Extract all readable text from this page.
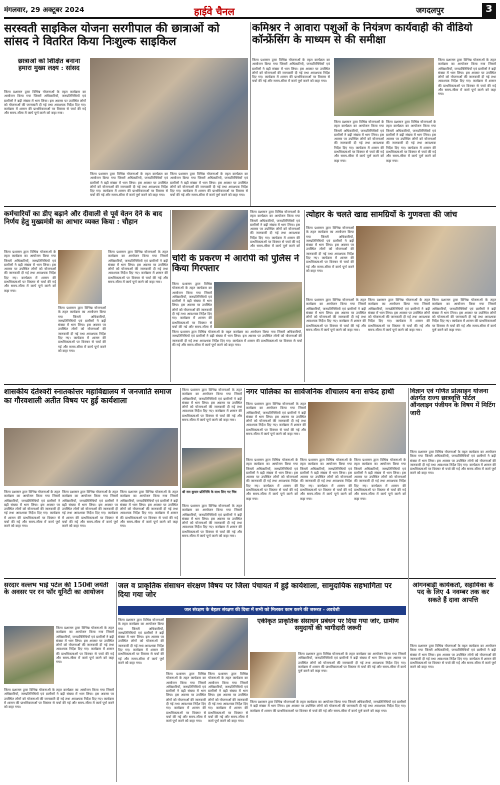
मंगलवार, 29 अक्टूबर 2024	हाईवे चैनल	जगदलपुर	3
सरस्वती साइकिल योजना सरगीपाल की छात्राओं को सांसद ने वितरित किया निःशुल्क साइकिल
छात्राओं को शिक्षित बनाना हमारा मुख्य लक्ष्य : सांसद
जिला प्रशासन द्वारा विभिन्न योजनाओं के तहत कार्यक्रम का आयोजन किया गया जिसमें अधिकारियों, जनप्रतिनिधियों एवं ग्रामीणों ने बड़ी संख्या में भाग लिया। इस अवसर पर उपस्थित लोगों को योजनाओं की जानकारी दी गई तथा आवश्यक निर्देश दिए गए। कार्यक्रम में शासन की प्राथमिकताओं पर विस्तार से चर्चा की गई और समय-सीमा में कार्य पूर्ण करने को कहा गया।
जिला प्रशासन द्वारा विभिन्न योजनाओं के तहत कार्यक्रम का आयोजन किया गया जिसमें अधिकारियों, जनप्रतिनिधियों एवं ग्रामीणों ने बड़ी संख्या में भाग लिया। इस अवसर पर उपस्थित लोगों को योजनाओं की जानकारी दी गई तथा आवश्यक निर्देश दिए गए। कार्यक्रम में शासन की प्राथमिकताओं पर विस्तार से चर्चा की गई और समय-सीमा में कार्य पूर्ण करने को कहा गया।
जिला प्रशासन द्वारा विभिन्न योजनाओं के तहत कार्यक्रम का आयोजन किया गया जिसमें अधिकारियों, जनप्रतिनिधियों एवं ग्रामीणों ने बड़ी संख्या में भाग लिया। इस अवसर पर उपस्थित लोगों को योजनाओं की जानकारी दी गई तथा आवश्यक निर्देश दिए गए। कार्यक्रम में शासन की प्राथमिकताओं पर विस्तार से चर्चा की गई और समय-सीमा में कार्य पूर्ण करने को कहा गया।
कमिश्नर ने आवारा पशुओं के नियंत्रण कार्यवाही की वीडियो कॉन्फ्रेंसिंग के माध्यम से की समीक्षा
जिला प्रशासन द्वारा विभिन्न योजनाओं के तहत कार्यक्रम का आयोजन किया गया जिसमें अधिकारियों, जनप्रतिनिधियों एवं ग्रामीणों ने बड़ी संख्या में भाग लिया। इस अवसर पर उपस्थित लोगों को योजनाओं की जानकारी दी गई तथा आवश्यक निर्देश दिए गए। कार्यक्रम में शासन की प्राथमिकताओं पर विस्तार से चर्चा की गई और समय-सीमा में कार्य पूर्ण करने को कहा गया।
जिला प्रशासन द्वारा विभिन्न योजनाओं के तहत कार्यक्रम का आयोजन किया गया जिसमें अधिकारियों, जनप्रतिनिधियों एवं ग्रामीणों ने बड़ी संख्या में भाग लिया। इस अवसर पर उपस्थित लोगों को योजनाओं की जानकारी दी गई तथा आवश्यक निर्देश दिए गए। कार्यक्रम में शासन की प्राथमिकताओं पर विस्तार से चर्चा की गई और समय-सीमा में कार्य पूर्ण करने को कहा गया।
जिला प्रशासन द्वारा विभिन्न योजनाओं के तहत कार्यक्रम का आयोजन किया गया जिसमें अधिकारियों, जनप्रतिनिधियों एवं ग्रामीणों ने बड़ी संख्या में भाग लिया। इस अवसर पर उपस्थित लोगों को योजनाओं की जानकारी दी गई तथा आवश्यक निर्देश दिए गए। कार्यक्रम में शासन की प्राथमिकताओं पर विस्तार से चर्चा की गई और समय-सीमा में कार्य पूर्ण करने को कहा गया।
जिला प्रशासन द्वारा विभिन्न योजनाओं के तहत कार्यक्रम का आयोजन किया गया जिसमें अधिकारियों, जनप्रतिनिधियों एवं ग्रामीणों ने बड़ी संख्या में भाग लिया। इस अवसर पर उपस्थित लोगों को योजनाओं की जानकारी दी गई तथा आवश्यक निर्देश दिए गए। कार्यक्रम में शासन की प्राथमिकताओं पर विस्तार से चर्चा की गई और समय-सीमा में कार्य पूर्ण करने को कहा गया।
कर्मचारियों का डीए बढ़ाने और दीवाली से पूर्व वेतन देने के बाद निर्णय हेतु मुख्यमंत्री का आभार व्यक्त किया : चौहान
जिला प्रशासन द्वारा विभिन्न योजनाओं के तहत कार्यक्रम का आयोजन किया गया जिसमें अधिकारियों, जनप्रतिनिधियों एवं ग्रामीणों ने बड़ी संख्या में भाग लिया। इस अवसर पर उपस्थित लोगों को योजनाओं की जानकारी दी गई तथा आवश्यक निर्देश दिए गए। कार्यक्रम में शासन की प्राथमिकताओं पर विस्तार से चर्चा की गई और समय-सीमा में कार्य पूर्ण करने को कहा गया।
जिला प्रशासन द्वारा विभिन्न योजनाओं के तहत कार्यक्रम का आयोजन किया गया जिसमें अधिकारियों, जनप्रतिनिधियों एवं ग्रामीणों ने बड़ी संख्या में भाग लिया। इस अवसर पर उपस्थित लोगों को योजनाओं की जानकारी दी गई तथा आवश्यक निर्देश दिए गए। कार्यक्रम में शासन की प्राथमिकताओं पर विस्तार से चर्चा की गई और समय-सीमा में कार्य पूर्ण करने को कहा गया।
जिला प्रशासन द्वारा विभिन्न योजनाओं के तहत कार्यक्रम का आयोजन किया गया जिसमें अधिकारियों, जनप्रतिनिधियों एवं ग्रामीणों ने बड़ी संख्या में भाग लिया। इस अवसर पर उपस्थित लोगों को योजनाओं की जानकारी दी गई तथा आवश्यक निर्देश दिए गए। कार्यक्रम में शासन की प्राथमिकताओं पर विस्तार से चर्चा की गई और समय-सीमा में कार्य पूर्ण करने को कहा गया।
जिला प्रशासन द्वारा विभिन्न योजनाओं के तहत कार्यक्रम का आयोजन किया गया जिसमें अधिकारियों, जनप्रतिनिधियों एवं ग्रामीणों ने बड़ी संख्या में भाग लिया। इस अवसर पर उपस्थित लोगों को योजनाओं की जानकारी दी गई तथा आवश्यक निर्देश दिए गए। कार्यक्रम में शासन की प्राथमिकताओं पर विस्तार से चर्चा की गई और समय-सीमा में कार्य पूर्ण करने को
चोरी के प्रकरण में आरोपी को पुलिस ने किया गिरफ्तार
जिला प्रशासन द्वारा विभिन्न योजनाओं के तहत कार्यक्रम का आयोजन किया गया जिसमें अधिकारियों, जनप्रतिनिधियों एवं ग्रामीणों ने बड़ी संख्या में भाग लिया। इस अवसर पर उपस्थित लोगों को योजनाओं की जानकारी दी गई तथा आवश्यक निर्देश दिए गए। कार्यक्रम में शासन की प्राथमिकताओं पर विस्तार से चर्चा की गई और समय-सीमा में
जिला प्रशासन द्वारा विभिन्न योजनाओं के तहत कार्यक्रम का आयोजन किया गया जिसमें अधिकारियों, जनप्रतिनिधियों एवं ग्रामीणों ने बड़ी संख्या में भाग लिया। इस अवसर पर उपस्थित लोगों को योजनाओं की जानकारी दी गई तथा आवश्यक निर्देश दिए गए। कार्यक्रम में शासन की प्राथमिकताओं पर विस्तार से चर्चा की गई और समय-सीमा में कार्य पूर्ण करने को कहा गया।
त्योहार के चलते खाद्य सामग्रियों के गुणवत्ता की जांच
जिला प्रशासन द्वारा विभिन्न योजनाओं के तहत कार्यक्रम का आयोजन किया गया जिसमें अधिकारियों, जनप्रतिनिधियों एवं ग्रामीणों ने बड़ी संख्या में भाग लिया। इस अवसर पर उपस्थित लोगों को योजनाओं की जानकारी दी गई तथा आवश्यक निर्देश दिए गए। कार्यक्रम में शासन की प्राथमिकताओं पर विस्तार से चर्चा की गई और समय-सीमा में कार्य पूर्ण करने को कहा गया।
जिला प्रशासन द्वारा विभिन्न योजनाओं के तहत कार्यक्रम का आयोजन किया गया जिसमें अधिकारियों, जनप्रतिनिधियों एवं ग्रामीणों ने बड़ी संख्या में भाग लिया। इस अवसर पर उपस्थित लोगों को योजनाओं की जानकारी दी गई तथा आवश्यक निर्देश दिए गए। कार्यक्रम में शासन की प्राथमिकताओं पर विस्तार से चर्चा की गई और समय-सीमा में कार्य पूर्ण करने को कहा गया।
जिला प्रशासन द्वारा विभिन्न योजनाओं के तहत कार्यक्रम का आयोजन किया गया जिसमें अधिकारियों, जनप्रतिनिधियों एवं ग्रामीणों ने बड़ी संख्या में भाग लिया। इस अवसर पर उपस्थित लोगों को योजनाओं की जानकारी दी गई तथा आवश्यक निर्देश दिए गए। कार्यक्रम में शासन की प्राथमिकताओं पर विस्तार से चर्चा की गई और समय-सीमा में कार्य पूर्ण करने को कहा गया।
जिला प्रशासन द्वारा विभिन्न योजनाओं के तहत कार्यक्रम का आयोजन किया गया जिसमें अधिकारियों, जनप्रतिनिधियों एवं ग्रामीणों ने बड़ी संख्या में भाग लिया। इस अवसर पर उपस्थित लोगों को योजनाओं की जानकारी दी गई तथा आवश्यक निर्देश दिए गए। कार्यक्रम में शासन की प्राथमिकताओं पर विस्तार से चर्चा की गई और समय-सीमा में कार्य पूर्ण करने को कहा गया।
शासकीय दंतेश्वरी स्नातकोत्तर महाविद्यालय में जनजाति समाज का गौरवशाली अतीत विषय पर हुई कार्यशाला
जिला प्रशासन द्वारा विभिन्न योजनाओं के तहत कार्यक्रम का आयोजन किया गया जिसमें अधिकारियों, जनप्रतिनिधियों एवं ग्रामीणों ने बड़ी संख्या में भाग लिया। इस अवसर पर उपस्थित लोगों को योजनाओं की जानकारी दी गई तथा आवश्यक निर्देश दिए गए। कार्यक्रम में शासन की प्राथमिकताओं पर विस्तार से चर्चा की गई और समय-सीमा में कार्य पूर्ण करने को कहा गया।
जिला प्रशासन द्वारा विभिन्न योजनाओं के तहत कार्यक्रम का आयोजन किया गया जिसमें अधिकारियों, जनप्रतिनिधियों एवं ग्रामीणों ने बड़ी संख्या में भाग लिया। इस अवसर पर उपस्थित लोगों को योजनाओं की जानकारी दी गई तथा आवश्यक निर्देश दिए गए। कार्यक्रम में शासन की प्राथमिकताओं पर विस्तार से चर्चा की गई और समय-सीमा में कार्य पूर्ण करने को कहा गया।
जिला प्रशासन द्वारा विभिन्न योजनाओं के तहत कार्यक्रम का आयोजन किया गया जिसमें अधिकारियों, जनप्रतिनिधियों एवं ग्रामीणों ने बड़ी संख्या में भाग लिया। इस अवसर पर उपस्थित लोगों को योजनाओं की जानकारी दी गई तथा आवश्यक निर्देश दिए गए। कार्यक्रम में शासन की प्राथमिकताओं पर विस्तार से चर्चा की गई और समय-सीमा में कार्य पूर्ण करने को कहा गया।
जिला प्रशासन द्वारा विभिन्न योजनाओं के तहत कार्यक्रम का आयोजन किया गया जिसमें अधिकारियों, जनप्रतिनिधियों एवं ग्रामीणों ने बड़ी संख्या में भाग लिया। इस अवसर पर उपस्थित लोगों को योजनाओं की जानकारी दी गई तथा आवश्यक निर्देश दिए गए। कार्यक्रम में शासन की प्राथमिकताओं पर विस्तार से चर्चा की गई और समय-सीमा में कार्य पूर्ण करने को कहा गया।
श्री राम कुमार प्रतिनिधि के साथ लिए गए चित्र
जिला प्रशासन द्वारा विभिन्न योजनाओं के तहत कार्यक्रम का आयोजन किया गया जिसमें अधिकारियों, जनप्रतिनिधियों एवं ग्रामीणों ने बड़ी संख्या में भाग लिया। इस अवसर पर उपस्थित लोगों को योजनाओं की जानकारी दी गई तथा आवश्यक निर्देश दिए गए। कार्यक्रम में शासन की प्राथमिकताओं पर विस्तार से चर्चा की गई और समय-सीमा में कार्य पूर्ण करने को कहा गया।
नगर पालिका का सार्वजनिक शौचालय बना सफेद हाथी
जिला प्रशासन द्वारा विभिन्न योजनाओं के तहत कार्यक्रम का आयोजन किया गया जिसमें अधिकारियों, जनप्रतिनिधियों एवं ग्रामीणों ने बड़ी संख्या में भाग लिया। इस अवसर पर उपस्थित लोगों को योजनाओं की जानकारी दी गई तथा आवश्यक निर्देश दिए गए। कार्यक्रम में शासन की प्राथमिकताओं पर विस्तार से चर्चा की गई और समय-सीमा में कार्य पूर्ण करने को कहा गया।
जिला प्रशासन द्वारा विभिन्न योजनाओं के तहत कार्यक्रम का आयोजन किया गया जिसमें अधिकारियों, जनप्रतिनिधियों एवं ग्रामीणों ने बड़ी संख्या में भाग लिया। इस अवसर पर उपस्थित लोगों को योजनाओं की जानकारी दी गई तथा आवश्यक निर्देश दिए गए। कार्यक्रम में शासन की प्राथमिकताओं पर विस्तार से चर्चा की गई और समय-सीमा में कार्य पूर्ण करने को कहा गया।
जिला प्रशासन द्वारा विभिन्न योजनाओं के तहत कार्यक्रम का आयोजन किया गया जिसमें अधिकारियों, जनप्रतिनिधियों एवं ग्रामीणों ने बड़ी संख्या में भाग लिया। इस अवसर पर उपस्थित लोगों को योजनाओं की जानकारी दी गई तथा आवश्यक निर्देश दिए गए। कार्यक्रम में शासन की प्राथमिकताओं पर विस्तार से चर्चा की गई और समय-सीमा में कार्य पूर्ण करने को कहा गया।
जिला प्रशासन द्वारा विभिन्न योजनाओं के तहत कार्यक्रम का आयोजन किया गया जिसमें अधिकारियों, जनप्रतिनिधियों एवं ग्रामीणों ने बड़ी संख्या में भाग लिया। इस अवसर पर उपस्थित लोगों को योजनाओं की जानकारी दी गई तथा आवश्यक निर्देश दिए गए। कार्यक्रम में शासन की प्राथमिकताओं पर विस्तार से चर्चा की गई और समय-सीमा में कार्य पूर्ण करने को कहा गया।
विज्ञान एवं गणित प्रोत्साहन योजना अंतर्गत राज्य छात्रवृत्ति पोर्टल ऑनलाइन पंजीयन के विषय में मिटिंग जारी
जिला प्रशासन द्वारा विभिन्न योजनाओं के तहत कार्यक्रम का आयोजन किया गया जिसमें अधिकारियों, जनप्रतिनिधियों एवं ग्रामीणों ने बड़ी संख्या में भाग लिया। इस अवसर पर उपस्थित लोगों को योजनाओं की जानकारी दी गई तथा आवश्यक निर्देश दिए गए। कार्यक्रम में शासन की प्राथमिकताओं पर विस्तार से चर्चा की गई और समय-सीमा में कार्य पूर्ण करने को कहा गया।
सरदार वल्लभ भाई पटेल की 150वीं जयंती के अवसर पर रन फॉर यूनिटी का आयोजन
जिला प्रशासन द्वारा विभिन्न योजनाओं के तहत कार्यक्रम का आयोजन किया गया जिसमें अधिकारियों, जनप्रतिनिधियों एवं ग्रामीणों ने बड़ी संख्या में भाग लिया। इस अवसर पर उपस्थित लोगों को योजनाओं की जानकारी दी गई तथा आवश्यक निर्देश दिए गए। कार्यक्रम में शासन की प्राथमिकताओं पर विस्तार से चर्चा की गई और समय-सीमा में कार्य पूर्ण करने को कहा गया।
जिला प्रशासन द्वारा विभिन्न योजनाओं के तहत कार्यक्रम का आयोजन किया गया जिसमें अधिकारियों, जनप्रतिनिधियों एवं ग्रामीणों ने बड़ी संख्या में भाग लिया। इस अवसर पर उपस्थित लोगों को योजनाओं की जानकारी दी गई तथा आवश्यक निर्देश दिए गए। कार्यक्रम में शासन की प्राथमिकताओं पर विस्तार से चर्चा की गई और समय-सीमा में कार्य पूर्ण करने को कहा गया।
जल व प्राकृतिक संसाधन संरक्षण विषय पर जिला पंचायत में हुई कार्यशाला, सामुदायिक सहभागिता पर दिया गया जोर
जल संरक्षण के बेहतर संरक्षण की दिशा में सभी को मिलकर काम करने की जरूरत - अवधेशी
जिला प्रशासन द्वारा विभिन्न योजनाओं के तहत कार्यक्रम का आयोजन किया गया जिसमें अधिकारियों, जनप्रतिनिधियों एवं ग्रामीणों ने बड़ी संख्या में भाग लिया। इस अवसर पर उपस्थित लोगों को योजनाओं की जानकारी दी गई तथा आवश्यक निर्देश दिए गए। कार्यक्रम में शासन की प्राथमिकताओं पर विस्तार से चर्चा की गई और समय-सीमा में कार्य पूर्ण करने को कहा गया।
जिला प्रशासन द्वारा विभिन्न योजनाओं के तहत कार्यक्रम का आयोजन किया गया जिसमें अधिकारियों, जनप्रतिनिधियों एवं ग्रामीणों ने बड़ी संख्या में भाग लिया। इस अवसर पर उपस्थित लोगों को योजनाओं की जानकारी दी गई तथा आवश्यक निर्देश दिए गए। कार्यक्रम में शासन की प्राथमिकताओं पर विस्तार से चर्चा की गई और समय-सीमा में कार्य पूर्ण करने को कहा गया।
जिला प्रशासन द्वारा विभिन्न योजनाओं के तहत कार्यक्रम का आयोजन किया गया जिसमें अधिकारियों, जनप्रतिनिधियों एवं ग्रामीणों ने बड़ी संख्या में भाग लिया। इस अवसर पर उपस्थित लोगों को योजनाओं की जानकारी दी गई तथा आवश्यक निर्देश दिए गए। कार्यक्रम में शासन की प्राथमिकताओं पर विस्तार से चर्चा की गई और समय-सीमा में कार्य पूर्ण करने को कहा गया।
एकीकृत प्राकृतिक संसाधन प्रबंधन पर दिया गया जोर, ग्रामीण समुदायों की भागीदारी जरूरी
जिला प्रशासन द्वारा विभिन्न योजनाओं के तहत कार्यक्रम का आयोजन किया गया जिसमें अधिकारियों, जनप्रतिनिधियों एवं ग्रामीणों ने बड़ी संख्या में भाग लिया। इस अवसर पर उपस्थित लोगों को योजनाओं की जानकारी दी गई तथा आवश्यक निर्देश दिए गए। कार्यक्रम में शासन की प्राथमिकताओं पर विस्तार से चर्चा की गई और समय-सीमा में कार्य पूर्ण करने को कहा गया।
जिला प्रशासन द्वारा विभिन्न योजनाओं के तहत कार्यक्रम का आयोजन किया गया जिसमें अधिकारियों, जनप्रतिनिधियों एवं ग्रामीणों ने बड़ी संख्या में भाग लिया। इस अवसर पर उपस्थित लोगों को योजनाओं की जानकारी दी गई तथा आवश्यक निर्देश दिए गए। कार्यक्रम में शासन की प्राथमिकताओं पर विस्तार से चर्चा की गई और समय-सीमा में कार्य पूर्ण करने को कहा गया।
आंगनबाड़ी कार्यकर्ता, सहायिका के पद के लिए 4 नवम्बर तक कर सकते हैं दावा आपत्ति
जिला प्रशासन द्वारा विभिन्न योजनाओं के तहत कार्यक्रम का आयोजन किया गया जिसमें अधिकारियों, जनप्रतिनिधियों एवं ग्रामीणों ने बड़ी संख्या में भाग लिया। इस अवसर पर उपस्थित लोगों को योजनाओं की जानकारी दी गई तथा आवश्यक निर्देश दिए गए। कार्यक्रम में शासन की प्राथमिकताओं पर विस्तार से चर्चा की गई और समय-सीमा में कार्य पूर्ण करने को कहा गया।
